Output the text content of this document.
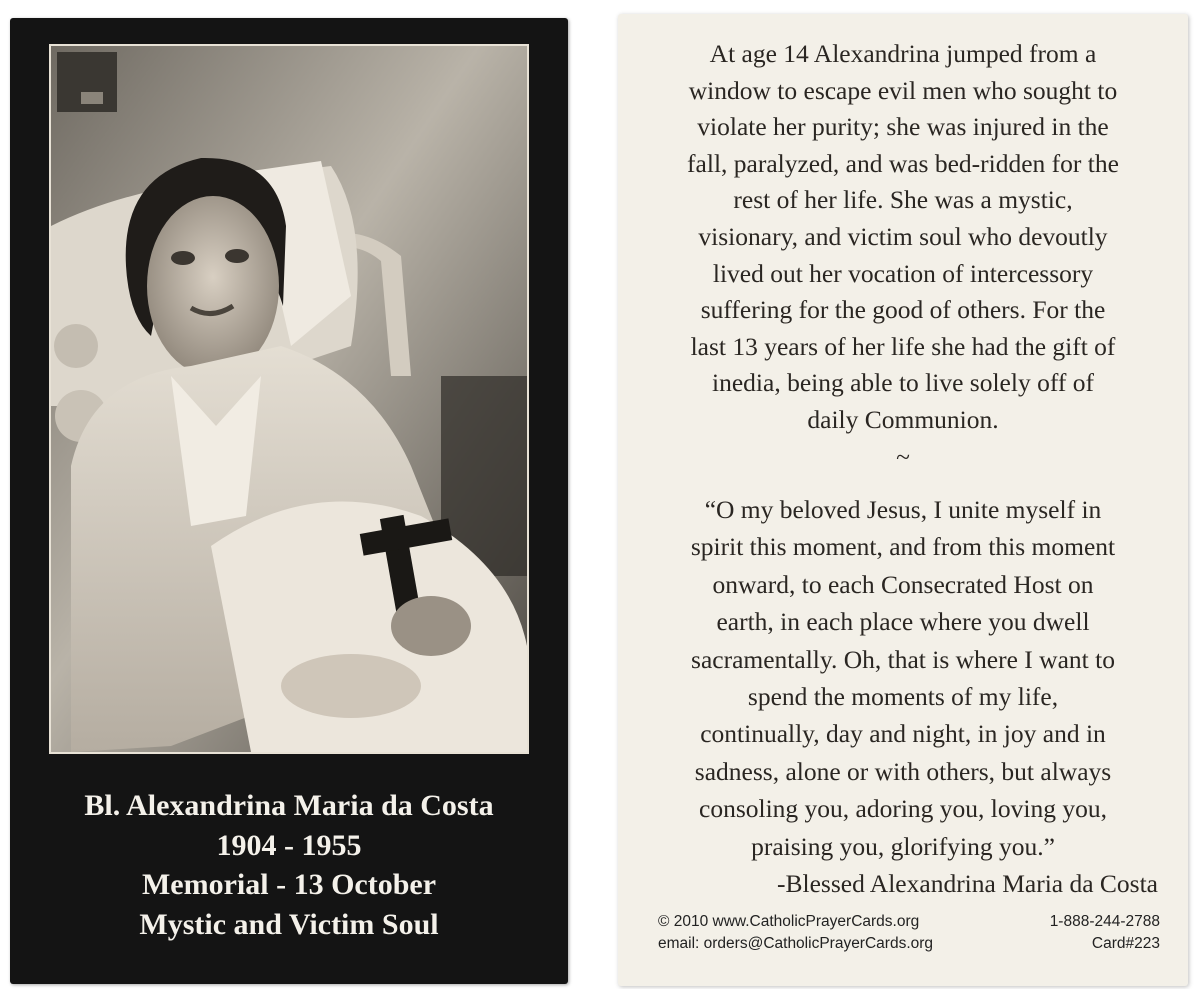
Bl. Alexandrina Maria da Costa
1904 - 1955
Memorial - 13 October
Mystic and Victim Soul
At age 14 Alexandrina jumped from a
window to escape evil men who sought to
violate her purity; she was injured in the
fall, paralyzed, and was bed-ridden for the
rest of her life. She was a mystic,
visionary, and victim soul who devoutly
lived out her vocation of intercessory
suffering for the good of others. For the
last 13 years of her life she had the gift of
inedia, being able to live solely off of
daily Communion.
~
“O my beloved Jesus, I unite myself in
spirit this moment, and from this moment
onward, to each Consecrated Host on
earth, in each place where you dwell
sacramentally. Oh, that is where I want to
spend the moments of my life,
continually, day and night, in joy and in
sadness, alone or with others, but always
consoling you, adoring you, loving you,
praising you, glorifying you.”
-Blessed Alexandrina Maria da Costa
© 2010 www.CatholicPrayerCards.org	1-888-244-2788
email: orders@CatholicPrayerCards.org	Card#223
